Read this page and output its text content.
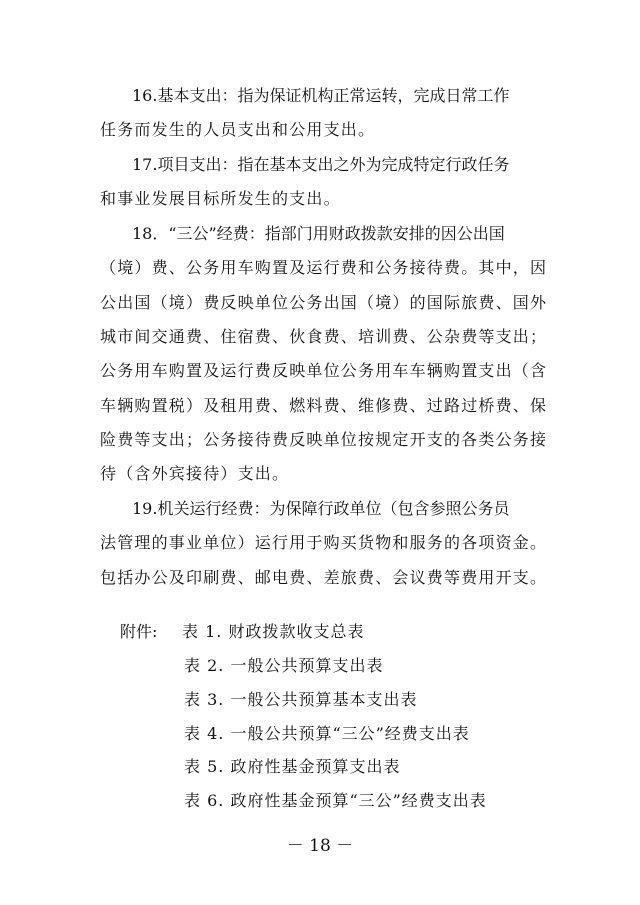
16.基本支出：指为保证机构正常运转，完成日常工作
任务而发生的人员支出和公用支出。
17.项目支出：指在基本支出之外为完成特定行政任务
和事业发展目标所发生的支出。
18．“三公”经费：指部门用财政拨款安排的因公出国
（境）费、公务用车购置及运行费和公务接待费。其中，因
公出国（境）费反映单位公务出国（境）的国际旅费、国外
城市间交通费、住宿费、伙食费、培训费、公杂费等支出；
公务用车购置及运行费反映单位公务用车车辆购置支出（含
车辆购置税）及租用费、燃料费、维修费、过路过桥费、保
险费等支出；公务接待费反映单位按规定开支的各类公务接
待（含外宾接待）支出。
19.机关运行经费：为保障行政单位（包含参照公务员
法管理的事业单位）运行用于购买货物和服务的各项资金。
包括办公及印刷费、邮电费、差旅费、会议费等费用开支。
附件: 表 1. 财政拨款收支总表
表 2. 一般公共预算支出表
表 3. 一般公共预算基本支出表
表 4. 一般公共预算“三公”经费支出表
表 5. 政府性基金预算支出表
表 6. 政府性基金预算“三公”经费支出表
－ 18 －
